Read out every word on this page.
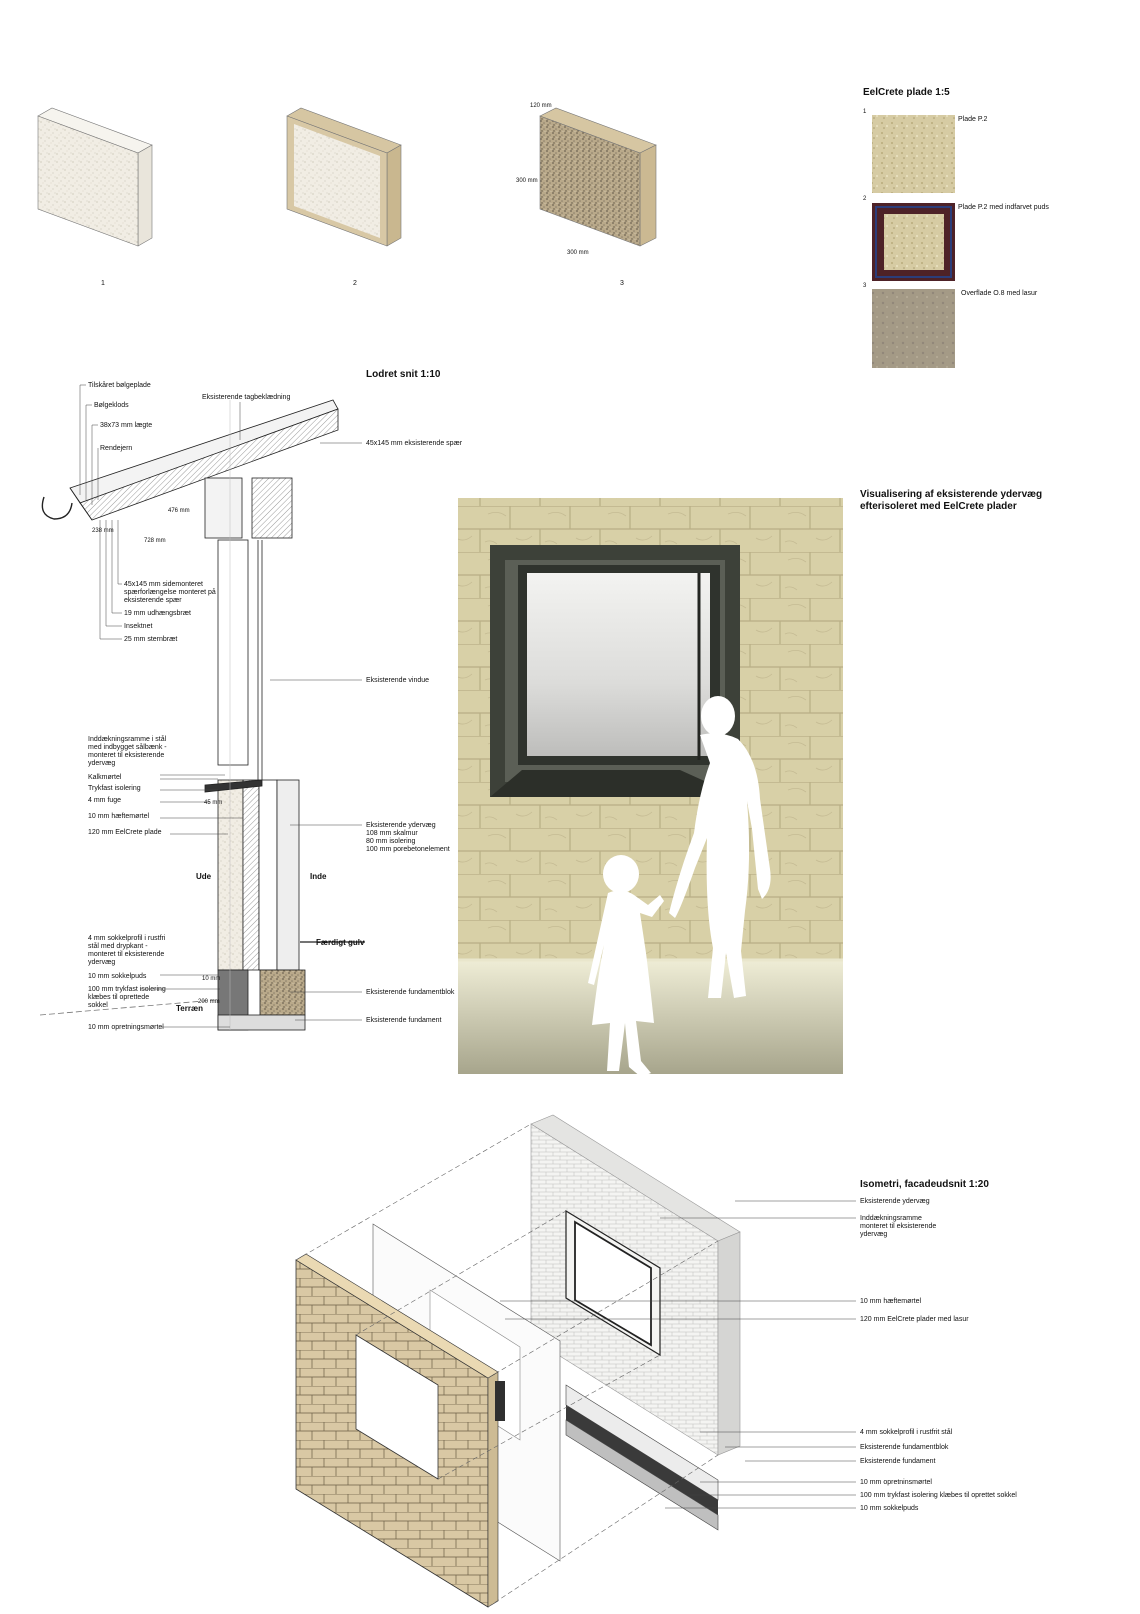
1	2
120 mm
300 mm
300 mm
3
EelCrete plade 1:5
1
Plade P.2
2
Plade P.2 med indfarvet puds
3
Overflade O.8 med lasur
Lodret snit 1:10
476 mm
238 mm
728 mm
45 mm
10 mm
200 mm
Tilskåret bølgeplade
Bølgeklods
38x73 mm lægte
Rendejern
45x145 mm sidemonteret
spærforlængelse monteret på
eksisterende spær
19 mm udhængsbræt
Insektnet
25 mm sternbræt
Inddækningsramme i stål
med indbygget sålbænk -
monteret til eksisterende
ydervæg
Kalkmørtel
Trykfast isolering
4 mm fuge
10 mm hæftemørtel
120 mm EelCrete plade
4 mm sokkelprofil i rustfri
stål med drypkant -
monteret til eksisterende
ydervæg
10 mm sokkelpuds
100 mm trykfast isolering
klæbes til oprettede
sokkel
10 mm opretningsmørtel
Eksisterende tagbeklædning
45x145 mm eksisterende spær
Eksisterende vindue
Eksisterende ydervæg
108 mm skalmur
80 mm isolering
100 mm porebetonelement
Færdigt gulv
Eksisterende fundamentblok
Eksisterende fundament
Ude	Inde
Terræn
Visualisering af eksisterende ydervæg
efterisoleret med EelCrete plader
Isometri, facadeudsnit 1:20
Eksisterende ydervæg
Inddækningsramme
monteret til eksisterende
ydervæg
10 mm hæftemørtel
120 mm EelCrete plader med lasur
4 mm sokkelprofil i rustfrit stål
Eksisterende fundamentblok
Eksisterende fundament
10 mm opretninsmørtel
100 mm trykfast isolering klæbes til oprettet sokkel
10 mm sokkelpuds
